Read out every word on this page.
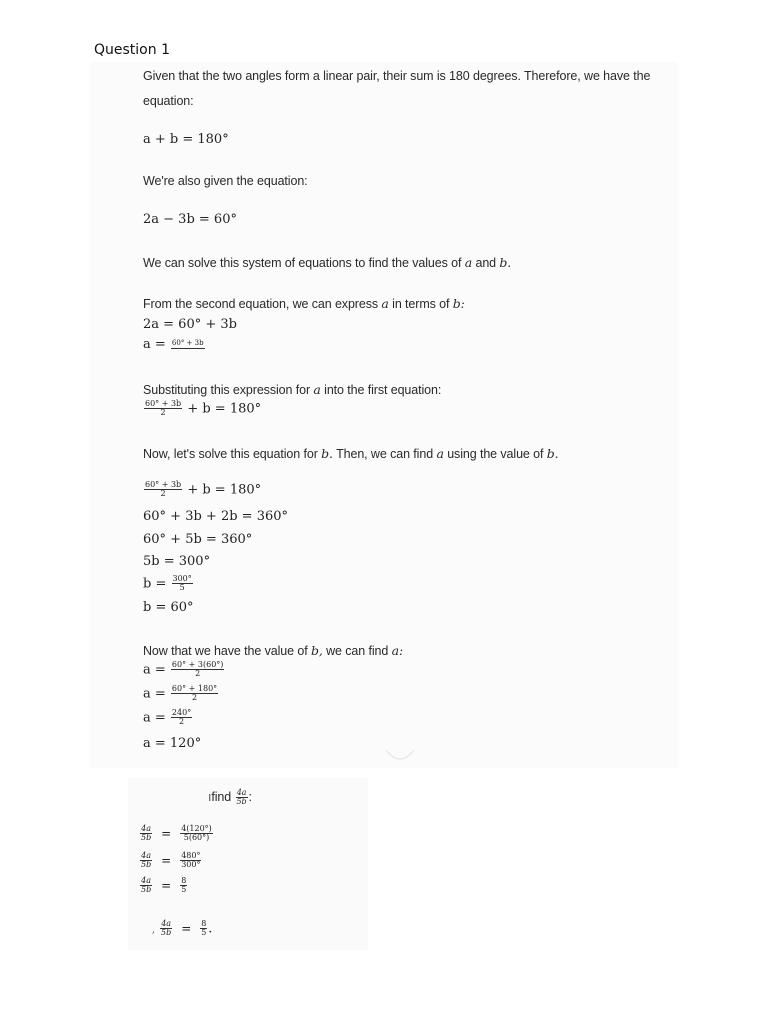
Question 1
Given that the two angles form a linear pair, their sum is 180 degrees. Therefore, we have the
equation:
a + b = 180°
We're also given the equation:
2a − 3b = 60°
We can solve this system of equations to find the values of a and b.
From the second equation, we can express a in terms of b:
2a = 60° + 3b
a = 60° + 3b
Substituting this expression for a into the first equation:
$\frac{60^\circ + 3b}{2} + b = 180^\circ$
Now, let's solve this equation for b. Then, we can find a using the value of b.
$\frac{60^\circ + 3b}{2} + b = 180^\circ$
60° + 3b + 2b = 360°
60° + 5b = 360°
5b = 300°
$b = \frac{300^\circ}{5}$
b = 60°
Now that we have the value of b, we can find a:
$a = \frac{60^\circ + 3(60^\circ)}{2}$
$a = \frac{60^\circ + 180^\circ}{2}$
$a = \frac{240^\circ}{2}$
a = 120°
ıfind $\frac{4a}{5b}$ :
$\frac{4a}{5b} = \frac{4(120^\circ)}{5(60^\circ)}$
$\frac{4a}{5b} = \frac{480^\circ}{300^\circ}$
$\frac{4a}{5b} = \frac{8}{5}$
, $\frac{4a}{5b} = \frac{8}{5}$ .
